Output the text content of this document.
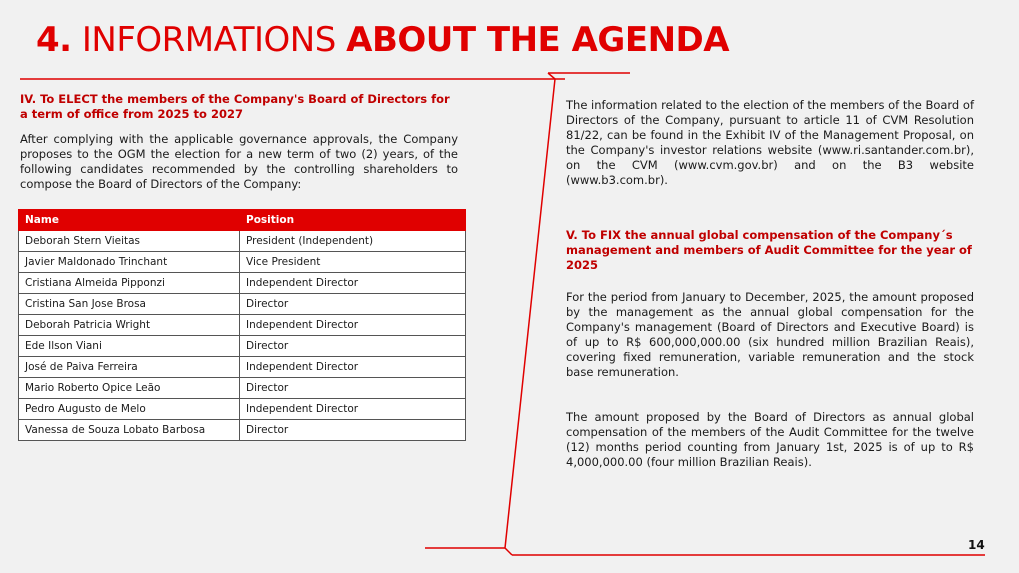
4. INFORMATIONS ABOUT THE AGENDA

IV. To ELECT the members of the Company's Board of Directors for a term of office from 2025 to 2027

After complying with the applicable governance approvals, the Company proposes to the OGM the election for a new term of two (2) years, of the following candidates recommended by the controlling shareholders to compose the Board of Directors of the Company:

Name	Position
Deborah Stern Vieitas	President (Independent)
Javier Maldonado Trinchant	Vice President
Cristiana Almeida Pipponzi	Independent Director
Cristina San Jose Brosa	Director
Deborah Patricia Wright	Independent Director
Ede Ilson Viani	Director
José de Paiva Ferreira	Independent Director
Mario Roberto Opice Leão	Director
Pedro Augusto de Melo	Independent Director
Vanessa de Souza Lobato Barbosa	Director

The information related to the election of the members of the Board of Directors of the Company, pursuant to article 11 of CVM Resolution 81/22, can be found in the Exhibit IV of the Management Proposal, on the Company's investor relations website (www.ri.santander.com.br), on the CVM (www.cvm.gov.br) and on the B3 website (www.b3.com.br).

V. To FIX the annual global compensation of the Company´s management and members of Audit Committee for the year of 2025

For the period from January to December, 2025, the amount proposed by the management as the annual global compensation for the Company's management (Board of Directors and Executive Board) is of up to R$ 600,000,000.00 (six hundred million Brazilian Reais), covering fixed remuneration, variable remuneration and the stock base remuneration.

The amount proposed by the Board of Directors as annual global compensation of the members of the Audit Committee for the twelve (12) months period counting from January 1st, 2025 is of up to R$ 4,000,000.00 (four million Brazilian Reais).

14
